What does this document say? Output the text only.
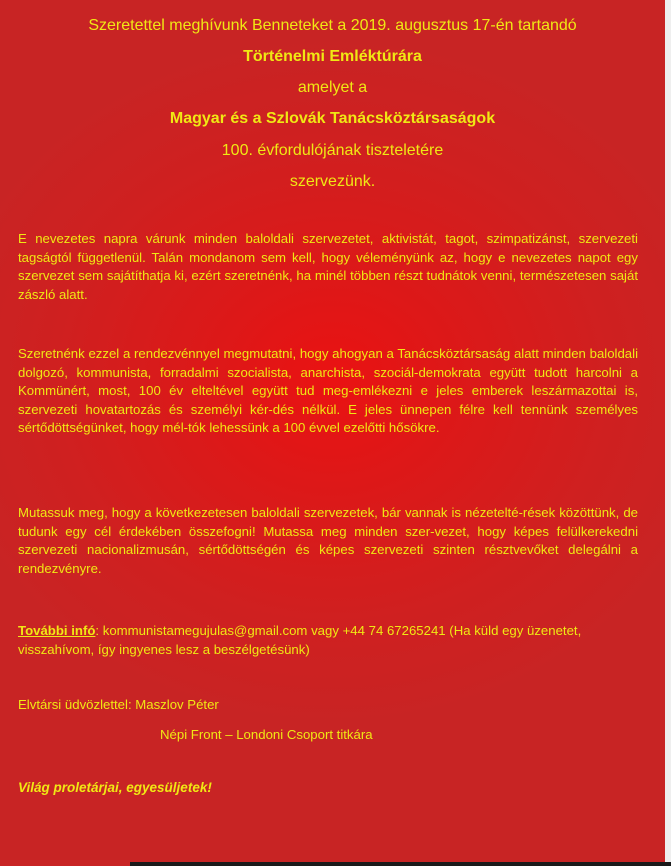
Szeretettel meghívunk Benneteket a 2019. augusztus 17-én tartandó
Történelmi Emléktúrára
amelyet a
Magyar és a Szlovák Tanácsköztársaságok
100. évfordulójának tiszteletére
szervezünk.

E nevezetes napra várunk minden baloldali szervezetet, aktivistát, tagot, szimpatizánst, szervezeti tagságtól függetlenül. Talán mondanom sem kell, hogy véleményünk az, hogy e nevezetes napot egy szervezet sem sajátíthatja ki, ezért szeretnénk, ha minél többen részt tudnátok venni, természetesen saját zászló alatt.

Szeretnénk ezzel a rendezvénnyel megmutatni, hogy ahogyan a Tanácsköztársaság alatt minden baloldali dolgozó, kommunista, forradalmi szocialista, anarchista, szociál-demokrata együtt tudott harcolni a Kommünért, most, 100 év elteltével együtt tud meg-emlékezni e jeles emberek leszármazottai is, szervezeti hovatartozás és személyi kér-dés nélkül. E jeles ünnepen félre kell tennünk személyes sértődöttségünket, hogy mél-tók lehessünk a 100 évvel ezelőtti hősökre.

Mutassuk meg, hogy a következetesen baloldali szervezetek, bár vannak is nézetelté-rések közöttünk, de tudunk egy cél érdekében összefogni! Mutassa meg minden szer-vezet, hogy képes felülkerekedni szervezeti nacionalizmusán, sértődöttségén és képes szervezeti szinten résztvevőket delegálni a rendezvényre.

További infó: kommunistamegujulas@gmail.com vagy +44 74 67265241 (Ha küld egy üzenetet, visszahívom, így ingyenes lesz a beszélgetésünk)

Elvtársi üdvözlettel: Maszlov Péter
Népi Front – Londoni Csoport titkára
Világ proletárjai, egyesüljetek!
